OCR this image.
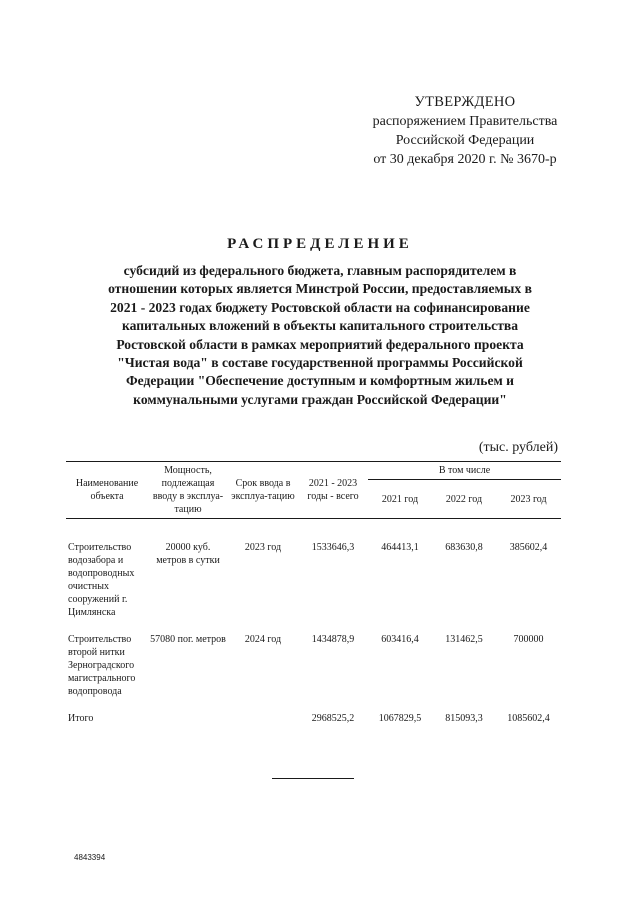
УТВЕРЖДЕНО
распоряжением Правительства
Российской Федерации
от 30 декабря 2020 г. № 3670-р
РАСПРЕДЕЛЕНИЕ
субсидий из федерального бюджета, главным распорядителем в
отношении которых является Минстрой России, предоставляемых в
2021 - 2023 годах бюджету Ростовской области на софинансирование
капитальных вложений в объекты капитального строительства
Ростовской области в рамках мероприятий федерального проекта
"Чистая вода" в составе государственной программы Российской
Федерации "Обеспечение доступным и комфортным жильем и
коммунальными услугами граждан Российской Федерации"
(тыс. рублей)
Наименование объекта	Мощность, подлежащая вводу в эксплуа-тацию	Срок ввода в эксплуа-тацию	2021 - 2023 годы - всего	В том числе		
				2021 год	2022 год	2023 год

Строительство водозабора и водопроводных очистных сооружений г. Цимлянска	20000 куб. метров в сутки	2023 год	1533646,3	464413,1	683630,8	385602,4

Строительство второй нитки Зерноградского магистрального водопровода	57080 пог. метров	2024 год	1434878,9	603416,4	131462,5	700000

Итого			2968525,2	1067829,5	815093,3	1085602,4
4843394
